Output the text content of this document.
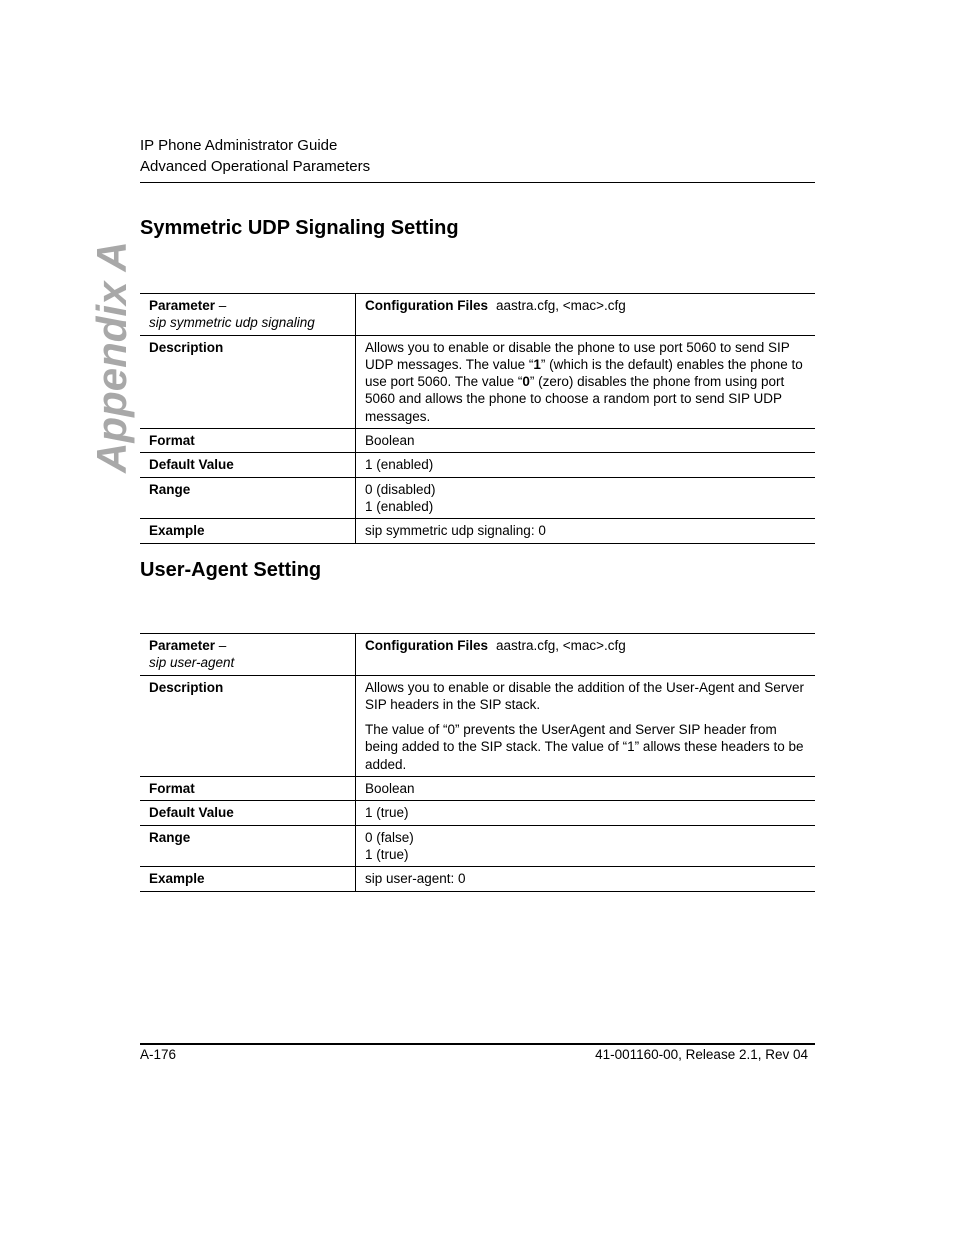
IP Phone Administrator Guide
Advanced Operational Parameters
Appendix A
Symmetric UDP Signaling Setting
Parameter –
sip symmetric udp signaling	Configuration Files aastra.cfg, <mac>.cfg
Description	Allows you to enable or disable the phone to use port 5060 to send SIP UDP messages. The value “1” (which is the default) enables the phone to use port 5060. The value “0” (zero) disables the phone from using port 5060 and allows the phone to choose a random port to send SIP UDP messages.
Format	Boolean
Default Value	1 (enabled)
Range	0 (disabled)
1 (enabled)

Example	sip symmetric udp signaling: 0
User-Agent Setting
Parameter –
sip user-agent	Configuration Files aastra.cfg, <mac>.cfg
Description	Allows you to enable or disable the addition of the User-Agent and Server SIP headers in the SIP stack.

The value of “0” prevents the UserAgent and Server SIP header from being added to the SIP stack. The value of “1” allows these headers to be added.

Format	Boolean
Default Value	1 (true)
Range	0 (false)
1 (true)

Example	sip user-agent: 0
A-176	41-001160-00, Release 2.1, Rev 04
